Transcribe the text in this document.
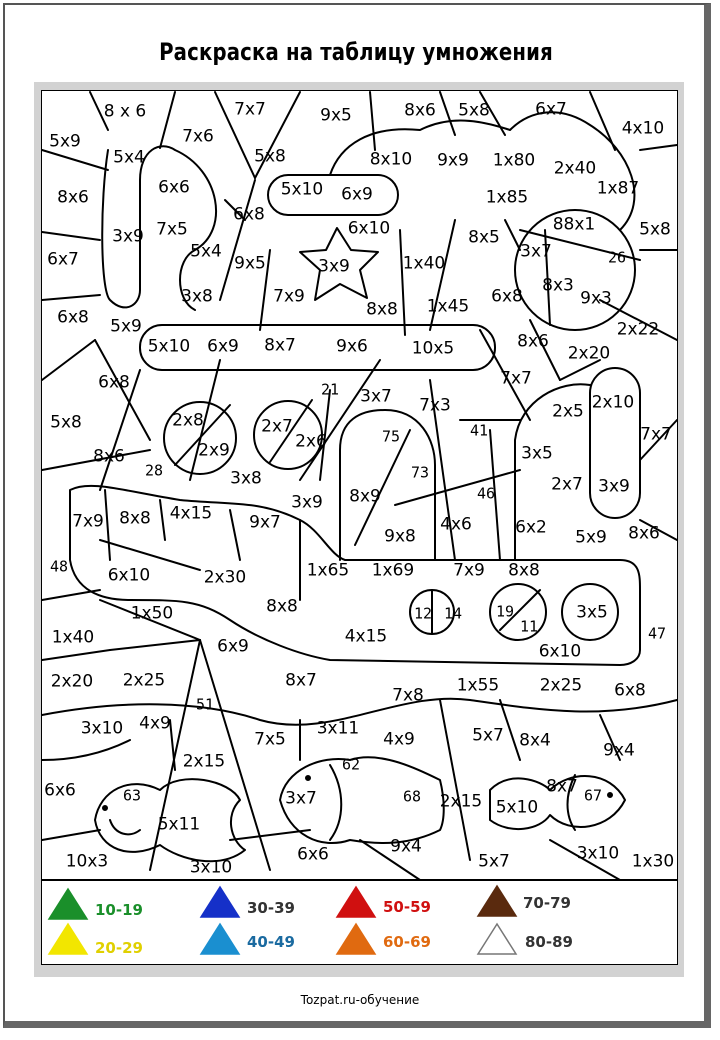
Раскраска на таблицу умножения
8 x 6	7x7	9x5	8x6 5x8	6x7
4x10
5x9	7x6
5x4	5x8	8x10 9x9 1x80 2x40
8x6	6x6	5x10 6x9	1x85	1x87
3x9 7x5
6x8
6x10	88x1	5x8
6x7	5x4
9x5	3x9	1x40
8x5
3x7	26
6x8
3x8	7x9
8x8 1x45 6x8
8x3
9x3
5x9
5x10 6x9 8x7 9x6	10x5	8x6
2x22
6x8	21 3x7 7x3
7x7
2x20
5x8	2x8	2x7	75	41
2x5 2x10
7x7
8x6	2x9	2x6
73
3x5
28	3x8
3x9 8x9	46	2x7 3x9
7x9 8x8 4x15 9x7
9x8
4x6	6x2 5x9 8x6
48 6x10	2x30	1x65 1x69 7x9 8x8
1x50	8x8	12 14 19
11
3x5
47
1x40	6x9	4x15
6x10
2x20 2x25	8x7
7x8 1x55 2x25 6x8
51
3x10 4x9
7x5
3x11
4x9	5x7 8x4	9x4
2x15	62
8x7
6x6	63	3x7	68 2x15 5x10
67
5x11
9x4
10x3	3x10
6x6	5x7	3x10 1x30
10-19
20-29
30-39
40-49
50-59
60-69
70-79
80-89
Tozpat.ru-обучение
